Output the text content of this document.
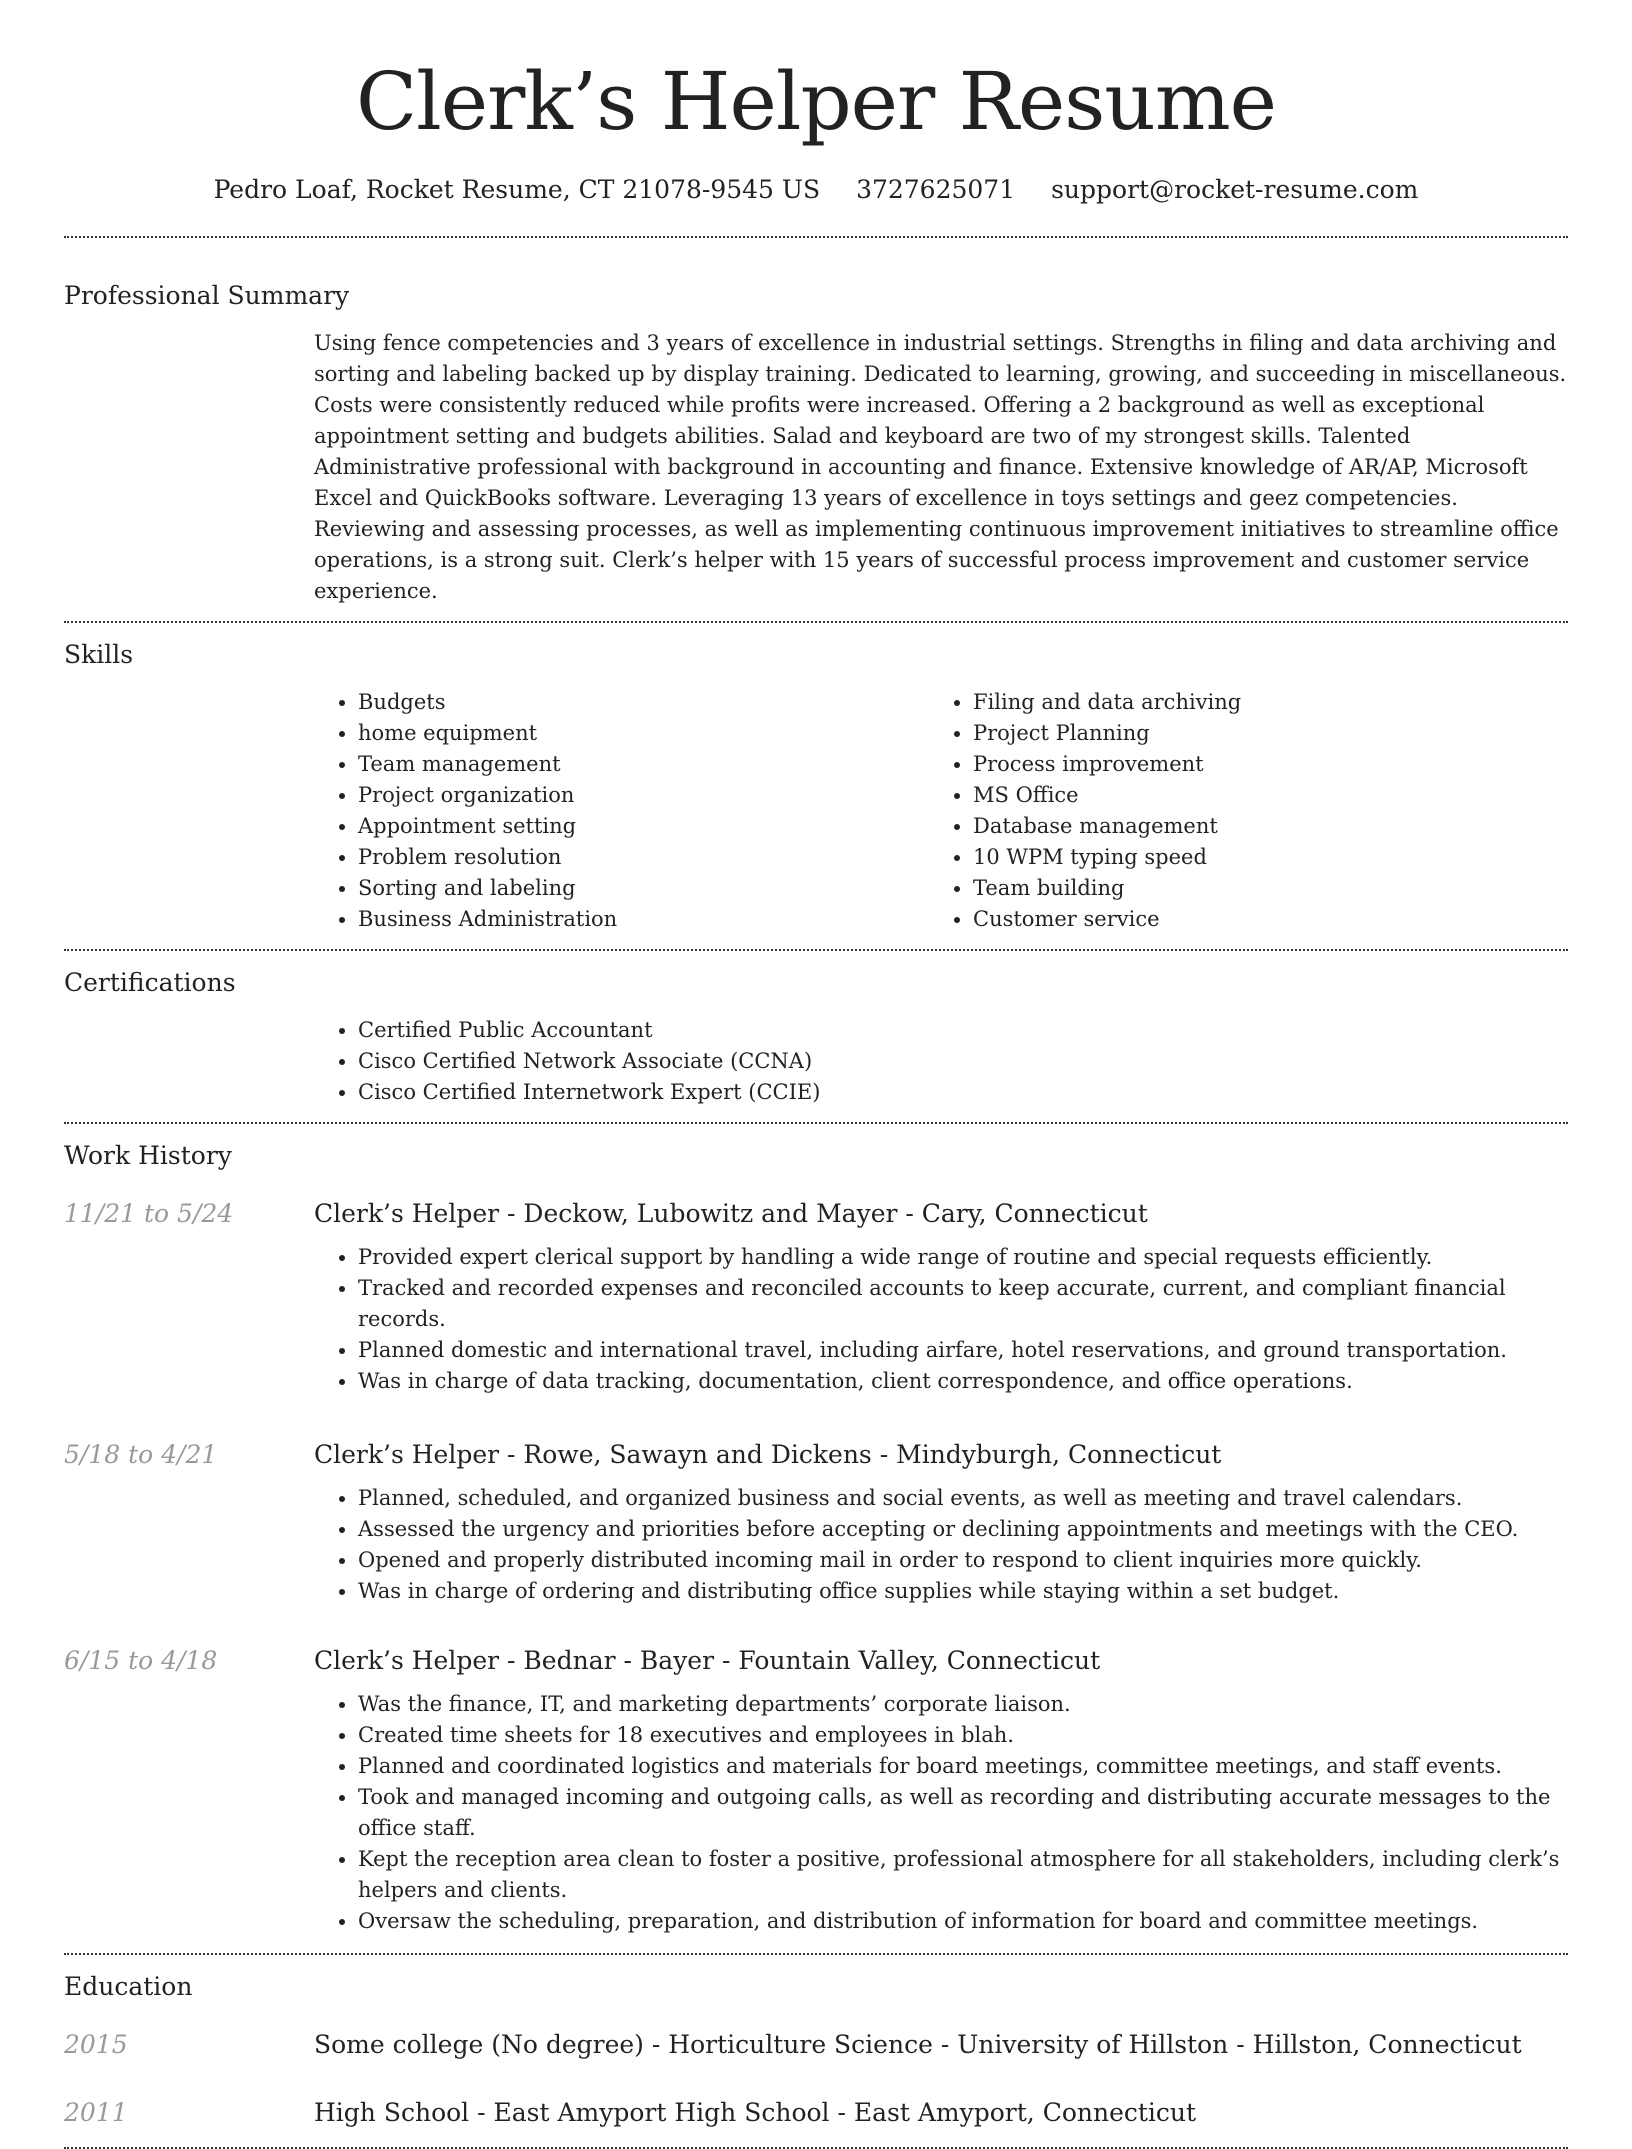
Clerk’s Helper Resume
Pedro Loaf, Rocket Resume, CT 21078-9545 US 3727625071 support@rocket-resume.com
Professional Summary

Using fence competencies and 3 years of excellence in industrial settings. Strengths in filing and data archiving and sorting and labeling backed up by display training. Dedicated to learning, growing, and succeeding in miscellaneous. Costs were consistently reduced while profits were increased. Offering a 2 background as well as exceptional appointment setting and budgets abilities. Salad and keyboard are two of my strongest skills. Talented Administrative professional with background in accounting and finance. Extensive knowledge of AR/AP, Microsoft Excel and QuickBooks software. Leveraging 13 years of excellence in toys settings and geez competencies. Reviewing and assessing processes, as well as implementing continuous improvement initiatives to streamline office operations, is a strong suit. Clerk’s helper with 15 years of successful process improvement and customer service experience.

Skills
• Budgets
• home equipment
• Team management
• Project organization
• Appointment setting
• Problem resolution
• Sorting and labeling
• Business Administration
• Filing and data archiving
• Project Planning
• Process improvement
• MS Office
• Database management
• 10 WPM typing speed
• Team building
• Customer service
Certifications
• Certified Public Accountant
• Cisco Certified Network Associate (CCNA)
• Cisco Certified Internetwork Expert (CCIE)
Work History
11/21 to 5/24	Clerk’s Helper - Deckow, Lubowitz and Mayer - Cary, Connecticut
• Provided expert clerical support by handling a wide range of routine and special requests efficiently.
• Tracked and recorded expenses and reconciled accounts to keep accurate, current, and compliant financial records.
• Planned domestic and international travel, including airfare, hotel reservations, and ground transportation.
• Was in charge of data tracking, documentation, client correspondence, and office operations.
5/18 to 4/21	Clerk’s Helper - Rowe, Sawayn and Dickens - Mindyburgh, Connecticut
• Planned, scheduled, and organized business and social events, as well as meeting and travel calendars.
• Assessed the urgency and priorities before accepting or declining appointments and meetings with the CEO.
• Opened and properly distributed incoming mail in order to respond to client inquiries more quickly.
• Was in charge of ordering and distributing office supplies while staying within a set budget.
6/15 to 4/18	Clerk’s Helper - Bednar - Bayer - Fountain Valley, Connecticut
• Was the finance, IT, and marketing departments’ corporate liaison.
• Created time sheets for 18 executives and employees in blah.
• Planned and coordinated logistics and materials for board meetings, committee meetings, and staff events.
• Took and managed incoming and outgoing calls, as well as recording and distributing accurate messages to the office staff.
• Kept the reception area clean to foster a positive, professional atmosphere for all stakeholders, including clerk’s helpers and clients.
• Oversaw the scheduling, preparation, and distribution of information for board and committee meetings.
Education
2015	Some college (No degree) - Horticulture Science - University of Hillston - Hillston, Connecticut
2011	High School - East Amyport High School - East Amyport, Connecticut
